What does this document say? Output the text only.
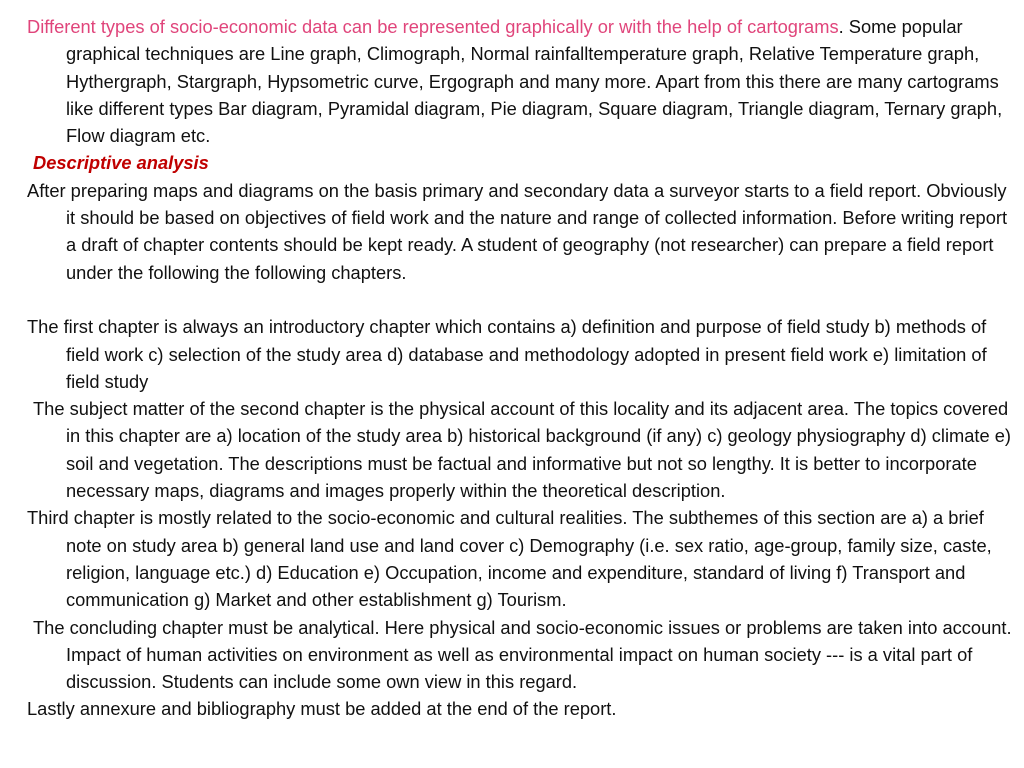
Different types of socio-economic data can be represented graphically or with the help of cartograms. Some popular graphical techniques are Line graph, Climograph, Normal rainfalltemperature graph, Relative Temperature graph, Hythergraph, Stargraph, Hypsometric curve, Ergograph and many more. Apart from this there are many cartograms like different types Bar diagram, Pyramidal diagram, Pie diagram, Square diagram, Triangle diagram, Ternary graph, Flow diagram etc.

Descriptive analysis

After preparing maps and diagrams on the basis primary and secondary data a surveyor starts to a field report. Obviously it should be based on objectives of field work and the nature and range of collected information. Before writing report a draft of chapter contents should be kept ready. A student of geography (not researcher) can prepare a field report under the following the following chapters.

The first chapter is always an introductory chapter which contains a) definition and purpose of field study b) methods of field work c) selection of the study area d) database and methodology adopted in present field work e) limitation of field study

The subject matter of the second chapter is the physical account of this locality and its adjacent area. The topics covered in this chapter are a) location of the study area b) historical background (if any) c) geology physiography d) climate e) soil and vegetation. The descriptions must be factual and informative but not so lengthy. It is better to incorporate necessary maps, diagrams and images properly within the theoretical description.

Third chapter is mostly related to the socio-economic and cultural realities. The subthemes of this section are a) a brief note on study area b) general land use and land cover c) Demography (i.e. sex ratio, age-group, family size, caste, religion, language etc.) d) Education e) Occupation, income and expenditure, standard of living f) Transport and communication g) Market and other establishment g) Tourism.

The concluding chapter must be analytical. Here physical and socio-economic issues or problems are taken into account. Impact of human activities on environment as well as environmental impact on human society --- is a vital part of discussion. Students can include some own view in this regard.

Lastly annexure and bibliography must be added at the end of the report.
